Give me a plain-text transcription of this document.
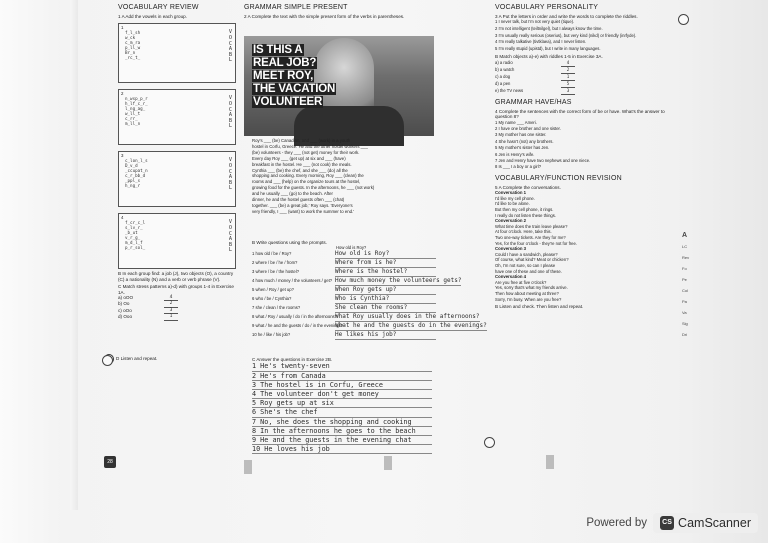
VOCABULARY REVIEW
1 A Add the vowels in each group.
1
f_l_sh
w_ck
c_m_ra
p_ll_w
Br_n
_rc_t_
V
O
C
A
B
L
2
n_wsp_p_r
h_lf_c_r_
l_ng_ag_
w_ll_t
c_rr_
m_ll_n
V
O
C
A
B
L
3
c_lon_l_s
D_v_d
_ccupat_n
c_r_bb_d
_ppl_s
h_ng_r
V
O
C
A
B
L
4
f_cr_c_l
s_lv_r_
_b_ut
v_r_g_
m_d_l_f
p_r_sol_
V
O
C
A
B
L
B In each group find: a job (J), two objects (O), a country (C) a nationality (N) and a verb or verb phrase (V).
C Match stress patterns a)-d) with groups 1-4 in Exercise 1A.
a) oOO	4
b) Oo	2
c) oOo	3
d) Ooo	1
D Listen and repeat.
28
GRAMMAR SIMPLE PRESENT
2 A Complete the text with the simple present form of the verbs in parentheses.
IS THIS A
REAL JOB?
MEET ROY,
THE VACATION
VOLUNTEER
Roy's ___ (be) Canadian, and ___ (work) in a youth
hostel in Corfu, Greece. He and the other hostel workers ___
(be) volunteers - they ___ (not get) money for their work.
Every day Roy ___ (get up) at six and ___ (have)
breakfast in the hostel. He ___ (not cook) the meals.
Cynthia ___ (be) the chef, and she ___ (do) all the
shopping and cooking. Every morning, Roy ___ (clean) the
rooms and ___ (help) on the organize tours at the hostel,
growing food for the guests. In the afternoons, he ___ (not work)
and he usually ___ (go) to the beach. After
dinner, he and the hostel guests often ___ (chat)
together. ___ (be) a great job,' Roy says. 'Everyone's
very friendly, I ___ (want) to work the summer to end.'
B Write questions using the prompts.
How old is Roy?
1 how old / be / Roy?	How old is Roy?
2 where / be / he / from?	Where from is he?
3 where / be / the hostel?	Where is the hostel?
4 how much / money / the volunteers / get? How much money the volunteers gets?
5 when / Roy / get up?	When Roy gets up?
6 who / be / Cynthia?	Who is Cynthia?
7 she / clean / the rooms?	She clean the rooms?
8 what / Roy / usually / do / in the afternoons?
What Roy usually does in the afternoons?
9 what / he and the guests / do / in the evenings?
What he and the guests do in the evenings?
10 he / like / his job?	He likes his job?
C Answer the questions in Exercise 2B.
1 He's twenty-seven
2 He's from Canada
3 The hostel is in Corfu, Greece
4 The volunteer don't get money
5 Roy gets up at six
6 She's the chef
7 No, she does the shopping and cooking
8 In the afternoons he goes to the beach
9 He and the guests in the evening chat
10 He loves his job
VOCABULARY PERSONALITY
3 A Put the letters in order and write the words to complete the riddles.
1 I never talk, but I'm not very quiet (tique).
2 I'm not intelligent (teiltnilgel), but I always know the time.
3 I'm usually really serious (oserius), but very kind (nikd) or friendly (inrfyde).
4 I'm really talkative (tivtklaea), and I never listen.
5 I'm really stupid (upistd), but I write in many languages.
B Match objects a)-e) with riddles 1-5 in Exercise 3A.
a) a radio	4
b) a watch	2
c) a dog	1
d) a pen	5
e) the TV news	3
GRAMMAR HAVE/HAS
4 Complete the sentences with the correct form of be or have. What's the answer to question 8?
1 My name ___ Ameri.
2 I have one brother and one sister.
3 My mother has one sister.
4 She hasn't (not) any brothers.
5 My mother's sister has Jen.
6 Jen is Henry's wife.
7 Jen and Henry have two nephews and one niece.
8 Is ___ I a boy or a girl?
VOCABULARY/FUNCTION REVISION
5 A Complete the conversations.
Conversation 1
I'd like my cell phone.
I'd like to be alone.
But then my cell phone, it rings.
I really do not listen these things.
Conversation 2
What time does the train leave please?
At four o'clock. Here, take this.
Two one-way tickets. Are they for me?
Yes, for the four o'clock - they're not for free.
Conversation 3
Could I have a sandwich, please?
Of course, what kind? Meat or chicken?
Oh, I'm not sure, so can I please
have one of these and one of these.
Conversation 4
Are you free at five o'clock?
Yes, sorry that's what my friends arrive.
Then how about meeting at three?
Sorry, I'm busy. When are you free?
B Listen and check. Then listen and repeat.
A
LC
Rev
Fo
Pe
Col
Pa
Va
Sig
Dri
Powered by	CS CamScanner
